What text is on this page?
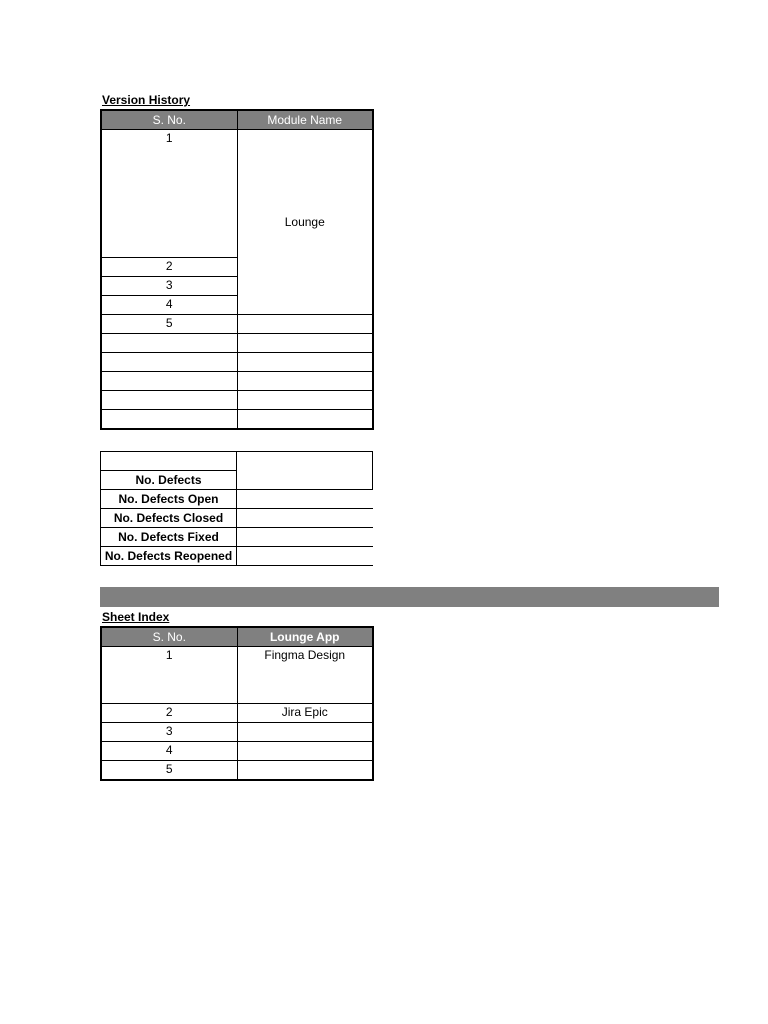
Version History
S. No.	Module Name
1	Lounge
2	
3	
4	
5	

No. Defects	
No. Defects Open	
No. Defects Closed	
No. Defects Fixed	
No. Defects Reopened	
Sheet Index
S. No.	Lounge App
1	Fingma Design
2	Jira Epic
3	
4	
5	
